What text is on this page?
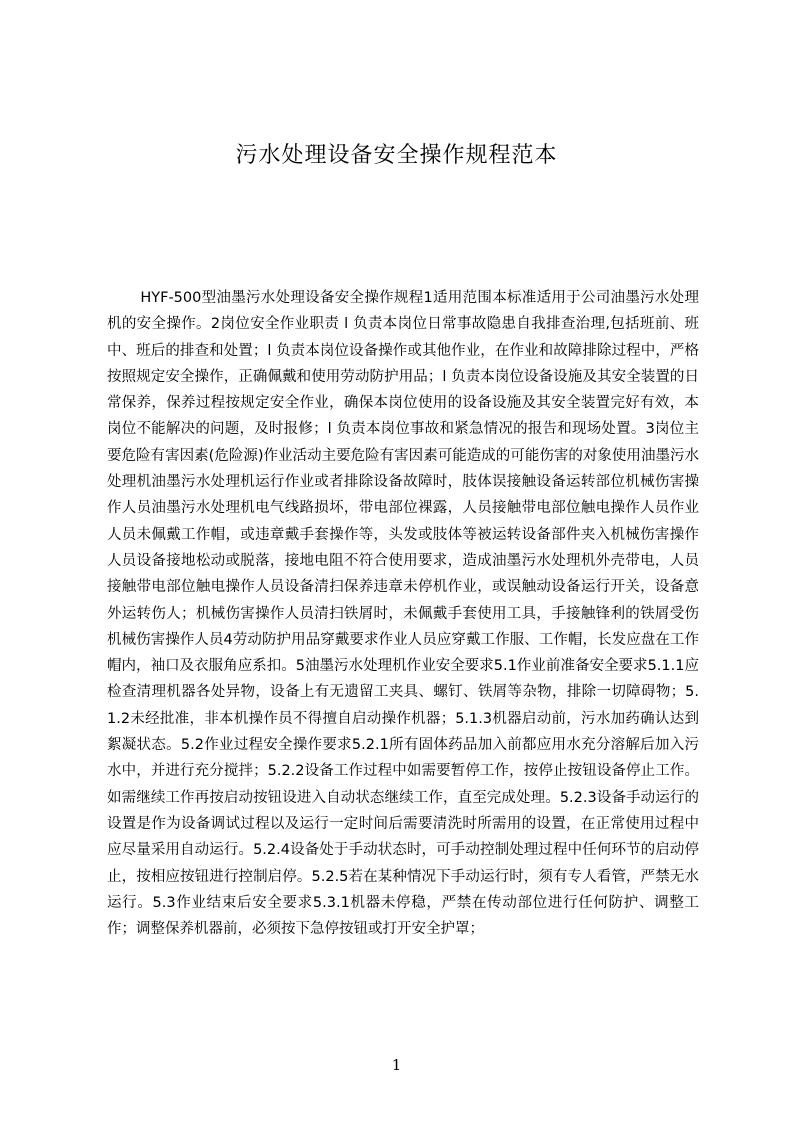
污水处理设备安全操作规程范本

HYF-500型油墨污水处理设备安全操作规程1适用范围本标准适用于公司油墨污水处理机的安全操作。2岗位安全作业职责 l 负责本岗位日常事故隐患自我排查治理,包括班前、班中、班后的排查和处置；l 负责本岗位设备操作或其他作业，在作业和故障排除过程中，严格按照规定安全操作，正确佩戴和使用劳动防护用品；l 负责本岗位设备设施及其安全装置的日常保养，保养过程按规定安全作业，确保本岗位使用的设备设施及其安全装置完好有效，本岗位不能解决的问题，及时报修；l 负责本岗位事故和紧急情况的报告和现场处置。3岗位主要危险有害因素(危险源)作业活动主要危险有害因素可能造成的可能伤害的对象使用油墨污水处理机油墨污水处理机运行作业或者排除设备故障时，肢体误接触设备运转部位机械伤害操作人员油墨污水处理机电气线路损坏，带电部位裸露，人员接触带电部位触电操作人员作业人员未佩戴工作帽，或违章戴手套操作等，头发或肢体等被运转设备部件夹入机械伤害操作人员设备接地松动或脱落，接地电阻不符合使用要求，造成油墨污水处理机外壳带电，人员接触带电部位触电操作人员设备清扫保养违章未停机作业，或误触动设备运行开关，设备意外运转伤人；机械伤害操作人员清扫铁屑时，未佩戴手套使用工具，手接触锋利的铁屑受伤机械伤害操作人员4劳动防护用品穿戴要求作业人员应穿戴工作服、工作帽，长发应盘在工作帽内，袖口及衣服角应系扣。5油墨污水处理机作业安全要求5.1作业前准备安全要求5.1.1应检查清理机器各处异物，设备上有无遗留工夹具、螺钉、铁屑等杂物，排除一切障碍物；5.1.2未经批准，非本机操作员不得擅自启动操作机器；5.1.3机器启动前，污水加药确认达到絮凝状态。5.2作业过程安全操作要求5.2.1所有固体药品加入前都应用水充分溶解后加入污水中，并进行充分搅拌；5.2.2设备工作过程中如需要暂停工作，按停止按钮设备停止工作。如需继续工作再按启动按钮设进入自动状态继续工作，直至完成处理。5.2.3设备手动运行的设置是作为设备调试过程以及运行一定时间后需要清洗时所需用的设置，在正常使用过程中应尽量采用自动运行。5.2.4设备处于手动状态时，可手动控制处理过程中任何环节的启动停止，按相应按钮进行控制启停。5.2.5若在某种情况下手动运行时，须有专人看管，严禁无水运行。5.3作业结束后安全要求5.3.1机器未停稳，严禁在传动部位进行任何防护、调整工作；调整保养机器前，必须按下急停按钮或打开安全护罩；

1
